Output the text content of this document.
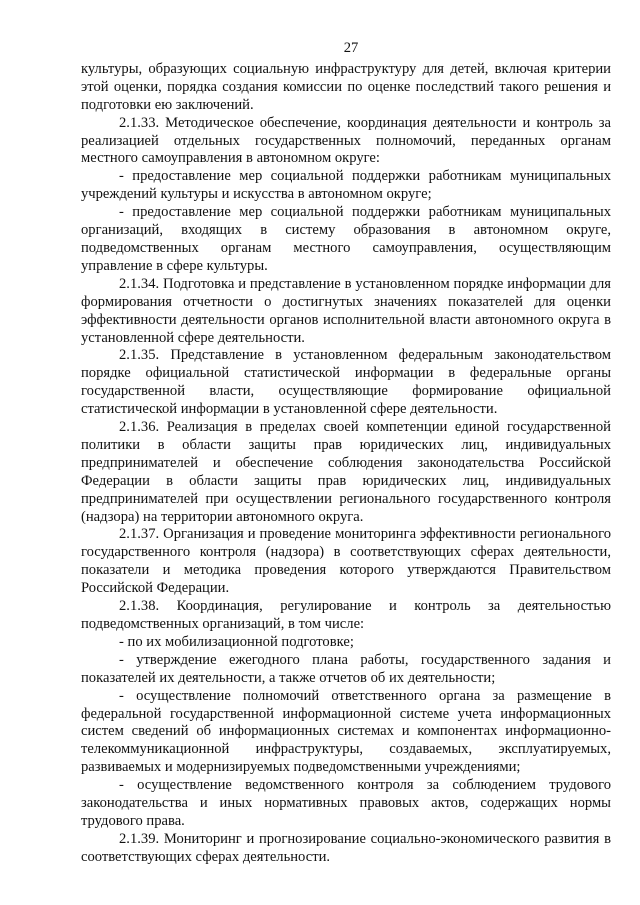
27

культуры, образующих социальную инфраструктуру для детей, включая критерии этой оценки, порядка создания комиссии по оценке последствий такого решения и подготовки ею заключений.

2.1.33. Методическое обеспечение, координация деятельности и контроль за реализацией отдельных государственных полномочий, переданных органам местного самоуправления в автономном округе:

- предоставление мер социальной поддержки работникам муниципальных учреждений культуры и искусства в автономном округе;

- предоставление мер социальной поддержки работникам муниципальных организаций, входящих в систему образования в автономном округе, подведомственных органам местного самоуправления, осуществляющим управление в сфере культуры.

2.1.34. Подготовка и представление в установленном порядке информации для формирования отчетности о достигнутых значениях показателей для оценки эффективности деятельности органов исполнительной власти автономного округа в установленной сфере деятельности.

2.1.35. Представление в установленном федеральным законодательством порядке официальной статистической информации в федеральные органы государственной власти, осуществляющие формирование официальной статистической информации в установленной сфере деятельности.

2.1.36. Реализация в пределах своей компетенции единой государственной политики в области защиты прав юридических лиц, индивидуальных предпринимателей и обеспечение соблюдения законодательства Российской Федерации в области защиты прав юридических лиц, индивидуальных предпринимателей при осуществлении регионального государственного контроля (надзора) на территории автономного округа.

2.1.37. Организация и проведение мониторинга эффективности регионального государственного контроля (надзора) в соответствующих сферах деятельности, показатели и методика проведения которого утверждаются Правительством Российской Федерации.

2.1.38. Координация, регулирование и контроль за деятельностью подведомственных организаций, в том числе:

- по их мобилизационной подготовке;

- утверждение ежегодного плана работы, государственного задания и показателей их деятельности, а также отчетов об их деятельности;

- осуществление полномочий ответственного органа за размещение в федеральной государственной информационной системе учета информационных систем сведений об информационных системах и компонентах информационно-телекоммуникационной инфраструктуры, создаваемых, эксплуатируемых, развиваемых и модернизируемых подведомственными учреждениями;

- осуществление ведомственного контроля за соблюдением трудового законодательства и иных нормативных правовых актов, содержащих нормы трудового права.

2.1.39. Мониторинг и прогнозирование социально-экономического развития в соответствующих сферах деятельности.
